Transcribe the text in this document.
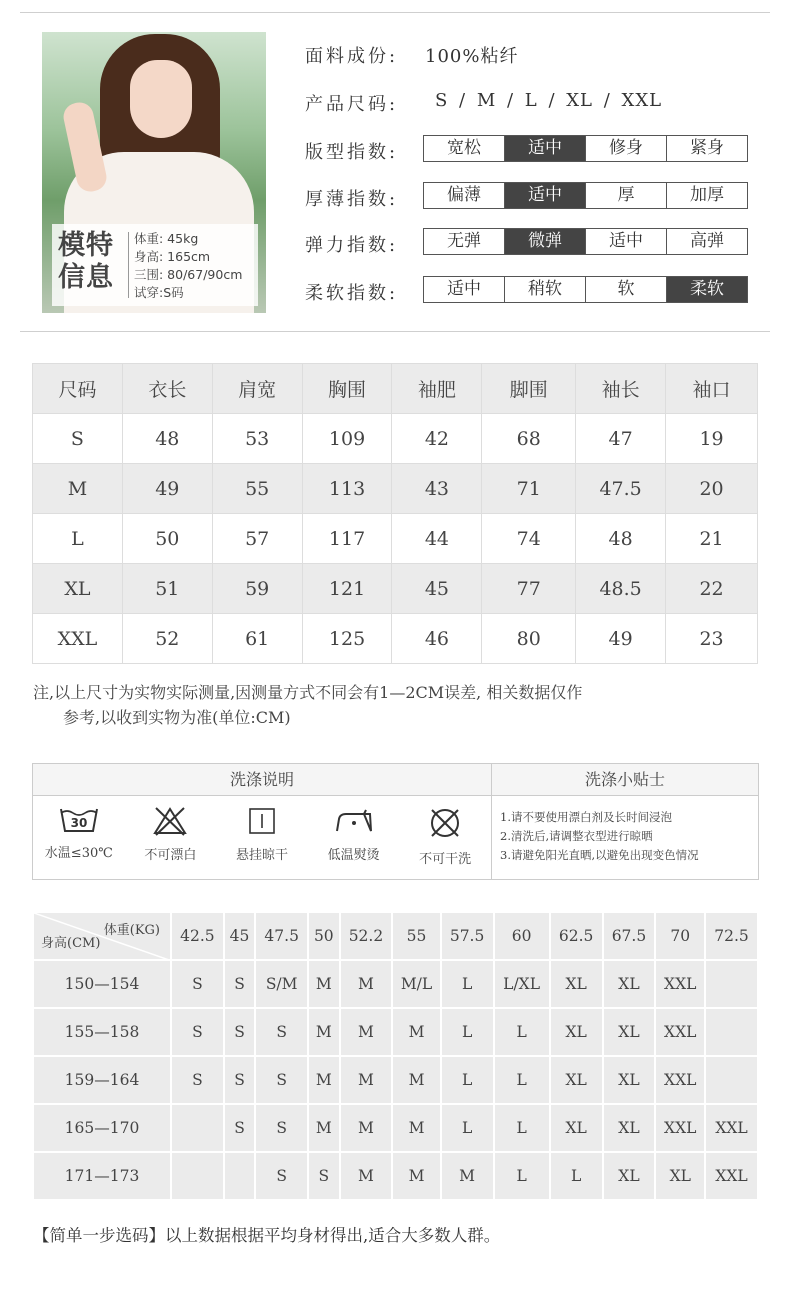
模特信息
体重: 45kg
身高: 165cm
三围: 80/67/90cm
试穿:S码
面料成份: 100%粘纤
产品尺码: S / M / L / XL / XXL
版型指数:	宽松	适中	修身	紧身
厚薄指数:	偏薄	适中	厚	加厚
弹力指数:	无弹	微弹	适中	高弹
柔软指数:	适中	稍软	软	柔软
尺码	衣长	肩宽	胸围	袖肥	脚围	袖长	袖口
S	48	53	109	42	68	47	19
M	49	55	113	43	71	47.5	20
L	50	57	117	44	74	48	21
XL	51	59	121	45	77	48.5	22
XXL	52	61	125	46	80	49	23
注,以上尺寸为实物实际测量,因测量方式不同会有1—2CM误差, 相关数据仅作
参考,以收到实物为准(单位:CM)
洗涤说明	洗涤小贴士
30
水温≤30℃	不可漂白	悬挂晾干	低温熨烫	不可干洗
1.请不要使用漂白剂及长时间浸泡
2.清洗后,请调整衣型进行晾晒
3.请避免阳光直晒,以避免出现变色情况
体重(KG)
身高(CM)	42.5	45	47.5	50	52.2	55	57.5	60	62.5	67.5	70	72.5
150—154	S	S	S/M	M	M	M/L	L	L/XL	XL	XL	XXL	
155—158	S	S	S	M	M	M	L	L	XL	XL	XXL	
159—164	S	S	S	M	M	M	L	L	XL	XL	XXL	
165—170		S	S	M	M	M	L	L	XL	XL	XXL	XXL
171—173			S	S	M	M	M	L	L	XL	XL	XXL
【简单一步选码】以上数据根据平均身材得出,适合大多数人群。
